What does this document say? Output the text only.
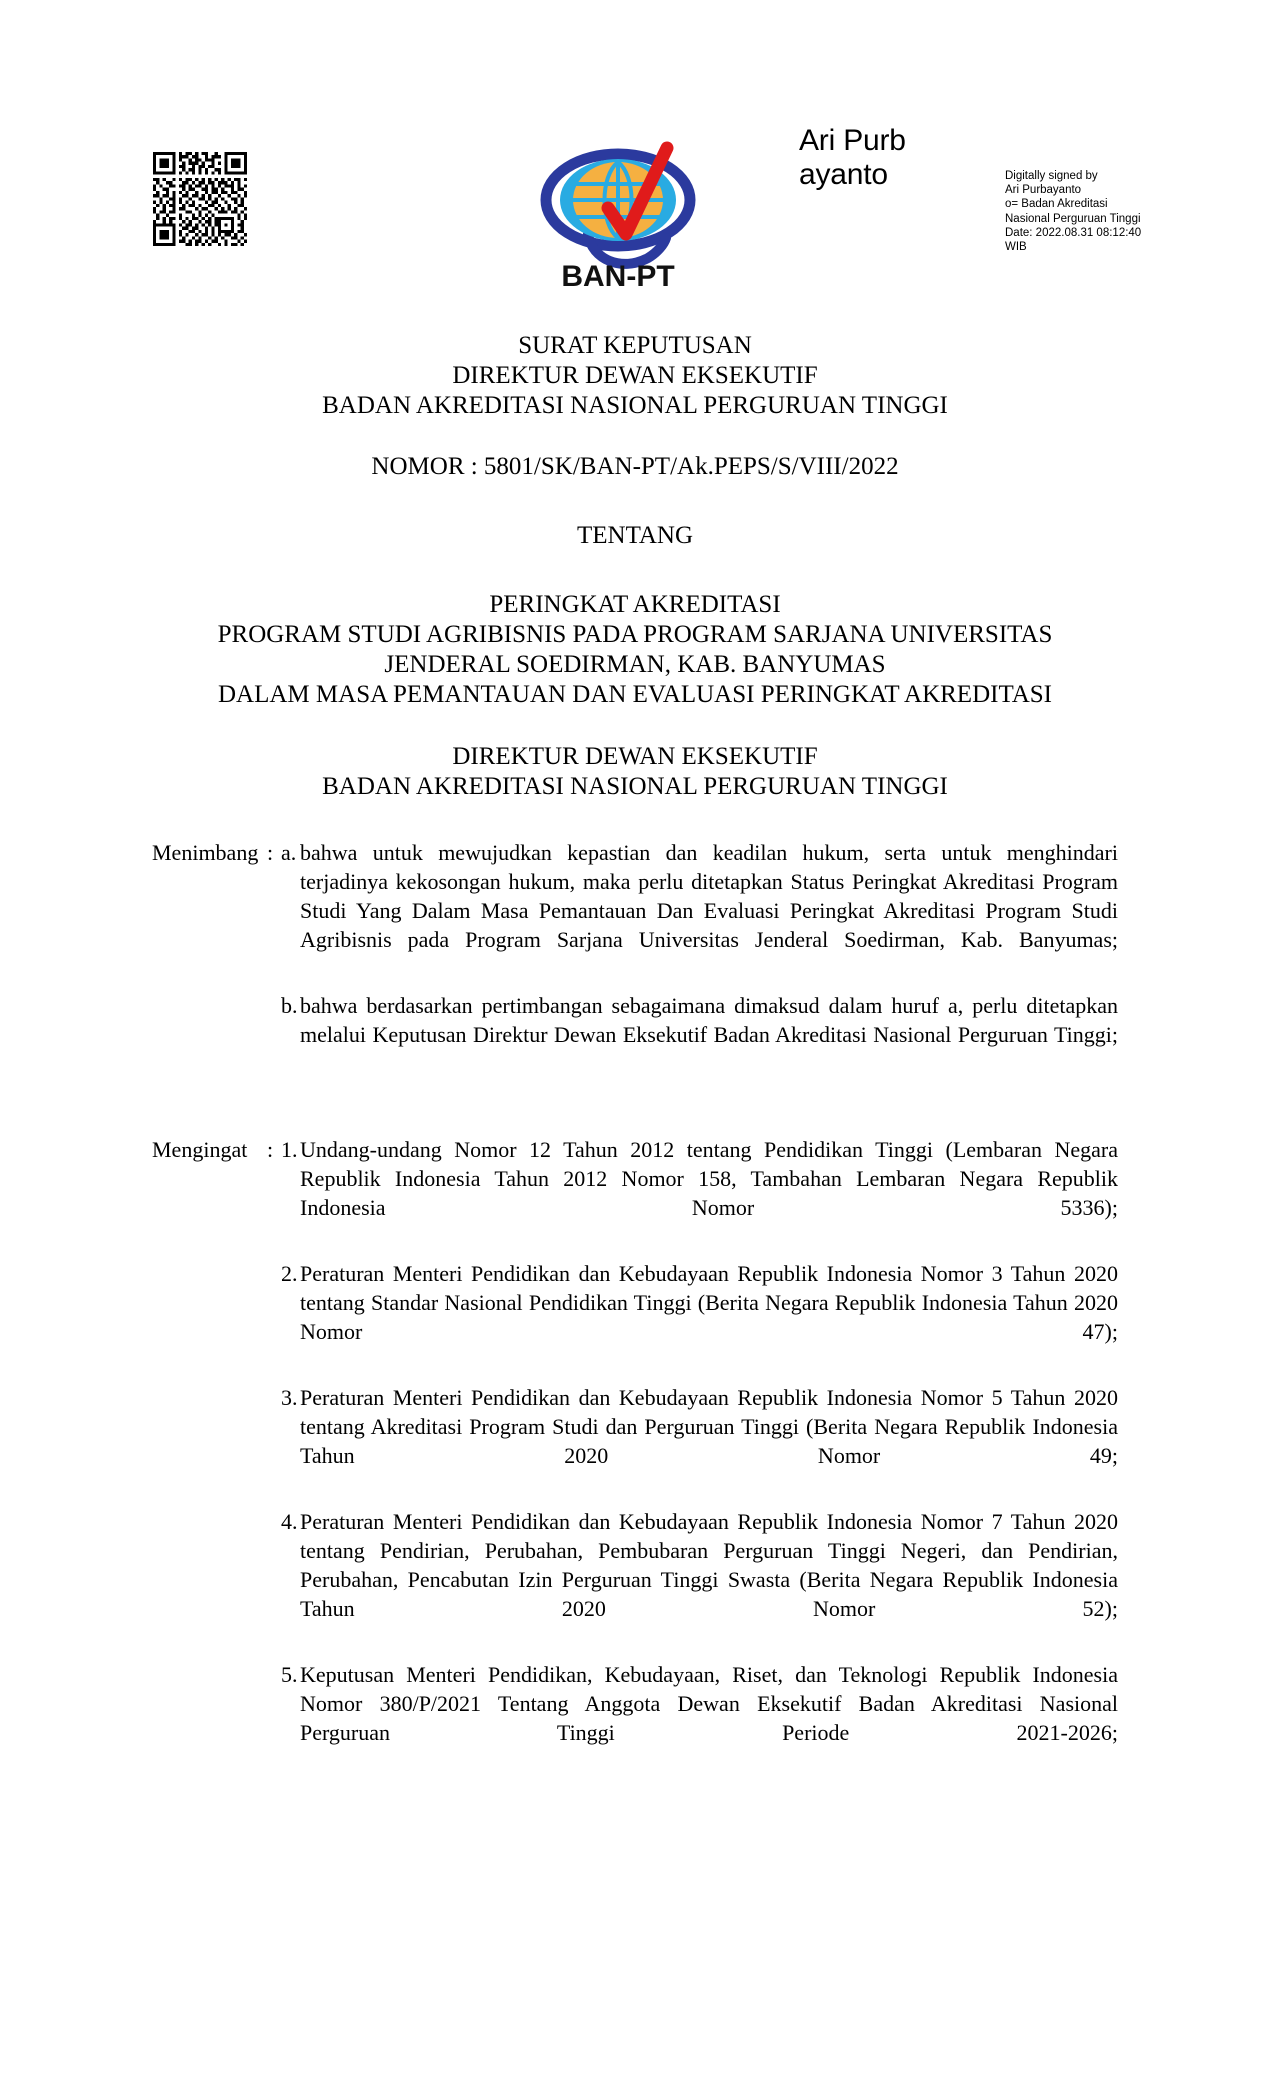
BAN-PT
Ari Purbayanto	Digitally signed by
Ari Purbayanto
o= Badan Akreditasi
Nasional Perguruan Tinggi
Date: 2022.08.31 08:12:40
WIB
SURAT KEPUTUSAN
DIREKTUR DEWAN EKSEKUTIF
BADAN AKREDITASI NASIONAL PERGURUAN TINGGI
NOMOR : 5801/SK/BAN-PT/Ak.PEPS/S/VIII/2022
TENTANG
PERINGKAT AKREDITASI
PROGRAM STUDI AGRIBISNIS PADA PROGRAM SARJANA UNIVERSITAS
JENDERAL SOEDIRMAN, KAB. BANYUMAS
DALAM MASA PEMANTAUAN DAN EVALUASI PERINGKAT AKREDITASI
DIREKTUR DEWAN EKSEKUTIF
BADAN AKREDITASI NASIONAL PERGURUAN TINGGI
Menimbang : a. bahwa untuk mewujudkan kepastian dan keadilan hukum, serta untuk menghindari terjadinya kekosongan hukum, maka perlu ditetapkan Status Peringkat Akreditasi Program Studi Yang Dalam Masa Pemantauan Dan Evaluasi Peringkat Akreditasi Program Studi Agribisnis pada Program Sarjana Universitas Jenderal Soedirman, Kab. Banyumas;
b. bahwa berdasarkan pertimbangan sebagaimana dimaksud dalam huruf a, perlu ditetapkan melalui Keputusan Direktur Dewan Eksekutif Badan Akreditasi Nasional Perguruan Tinggi;
Mengingat : 1. Undang-undang Nomor 12 Tahun 2012 tentang Pendidikan Tinggi (Lembaran Negara Republik Indonesia Tahun 2012 Nomor 158, Tambahan Lembaran Negara Republik Indonesia Nomor 5336);
2. Peraturan Menteri Pendidikan dan Kebudayaan Republik Indonesia Nomor 3 Tahun 2020 tentang Standar Nasional Pendidikan Tinggi (Berita Negara Republik Indonesia Tahun 2020 Nomor 47);
3. Peraturan Menteri Pendidikan dan Kebudayaan Republik Indonesia Nomor 5 Tahun 2020 tentang Akreditasi Program Studi dan Perguruan Tinggi (Berita Negara Republik Indonesia Tahun 2020 Nomor 49;
4. Peraturan Menteri Pendidikan dan Kebudayaan Republik Indonesia Nomor 7 Tahun 2020 tentang Pendirian, Perubahan, Pembubaran Perguruan Tinggi Negeri, dan Pendirian, Perubahan, Pencabutan Izin Perguruan Tinggi Swasta (Berita Negara Republik Indonesia Tahun 2020 Nomor 52);
5. Keputusan Menteri Pendidikan, Kebudayaan, Riset, dan Teknologi Republik Indonesia Nomor 380/P/2021 Tentang Anggota Dewan Eksekutif Badan Akreditasi Nasional Perguruan Tinggi Periode 2021-2026;
